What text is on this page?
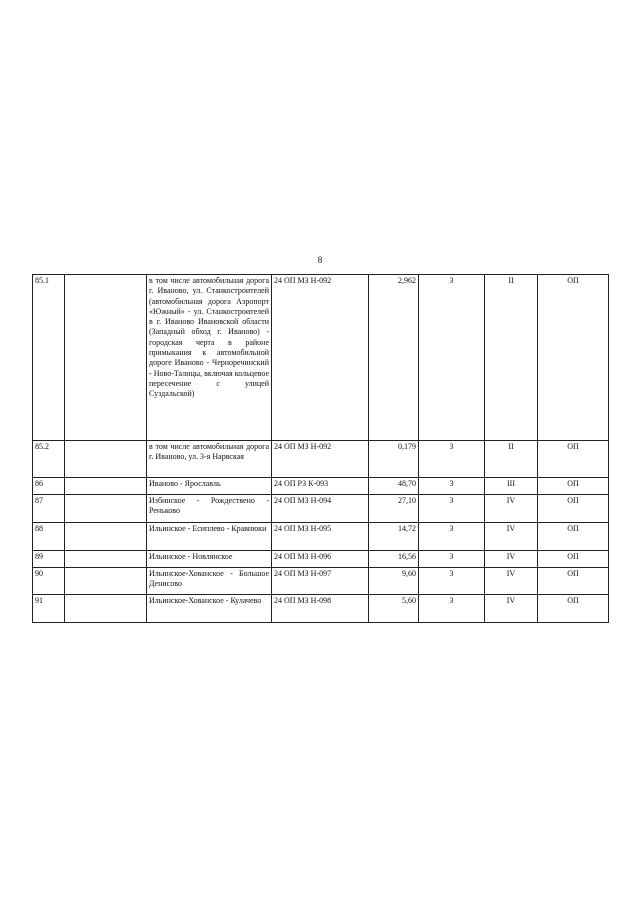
8
85.1		в том числе автомобильная дорога г. Иваново, ул. Станкостроителей (автомобильная дорога Аэропорт «Южный» - ул. Станкостроителей в г. Иваново Ивановской области (Западный обход г. Иваново) - городская черта в районе примыкания к автомобильной дороге Иваново - Черноречинский - Ново-Талицы, включая кольцевое пересечение с улицей Суздальской)	24 ОП МЗ Н-092	2,962	3	II	ОП
85.2		в том числе автомобильная дорога г. Иваново, ул. 3-я Нарвская	24 ОП МЗ Н-092	0,179	3	II	ОП
86		Иваново - Ярославль	24 ОП РЗ К-093	48,70	3	III	ОП
87		Избинское - Рождествено - Реньково	24 ОП МЗ Н-094	27,10	3	IV	ОП
88		Ильинское - Есиплево - Кравнюки	24 ОП МЗ Н-095	14,72	3	IV	ОП
89		Ильинское - Новлянское	24 ОП МЗ Н-096	16,56	3	IV	ОП
90		Ильинское-Хованское - Большое Денисово	24 ОП МЗ Н-097	9,60	3	IV	ОП
91		Ильинское-Хованское - Кулачево	24 ОП МЗ Н-098	5,60	3	IV	ОП
